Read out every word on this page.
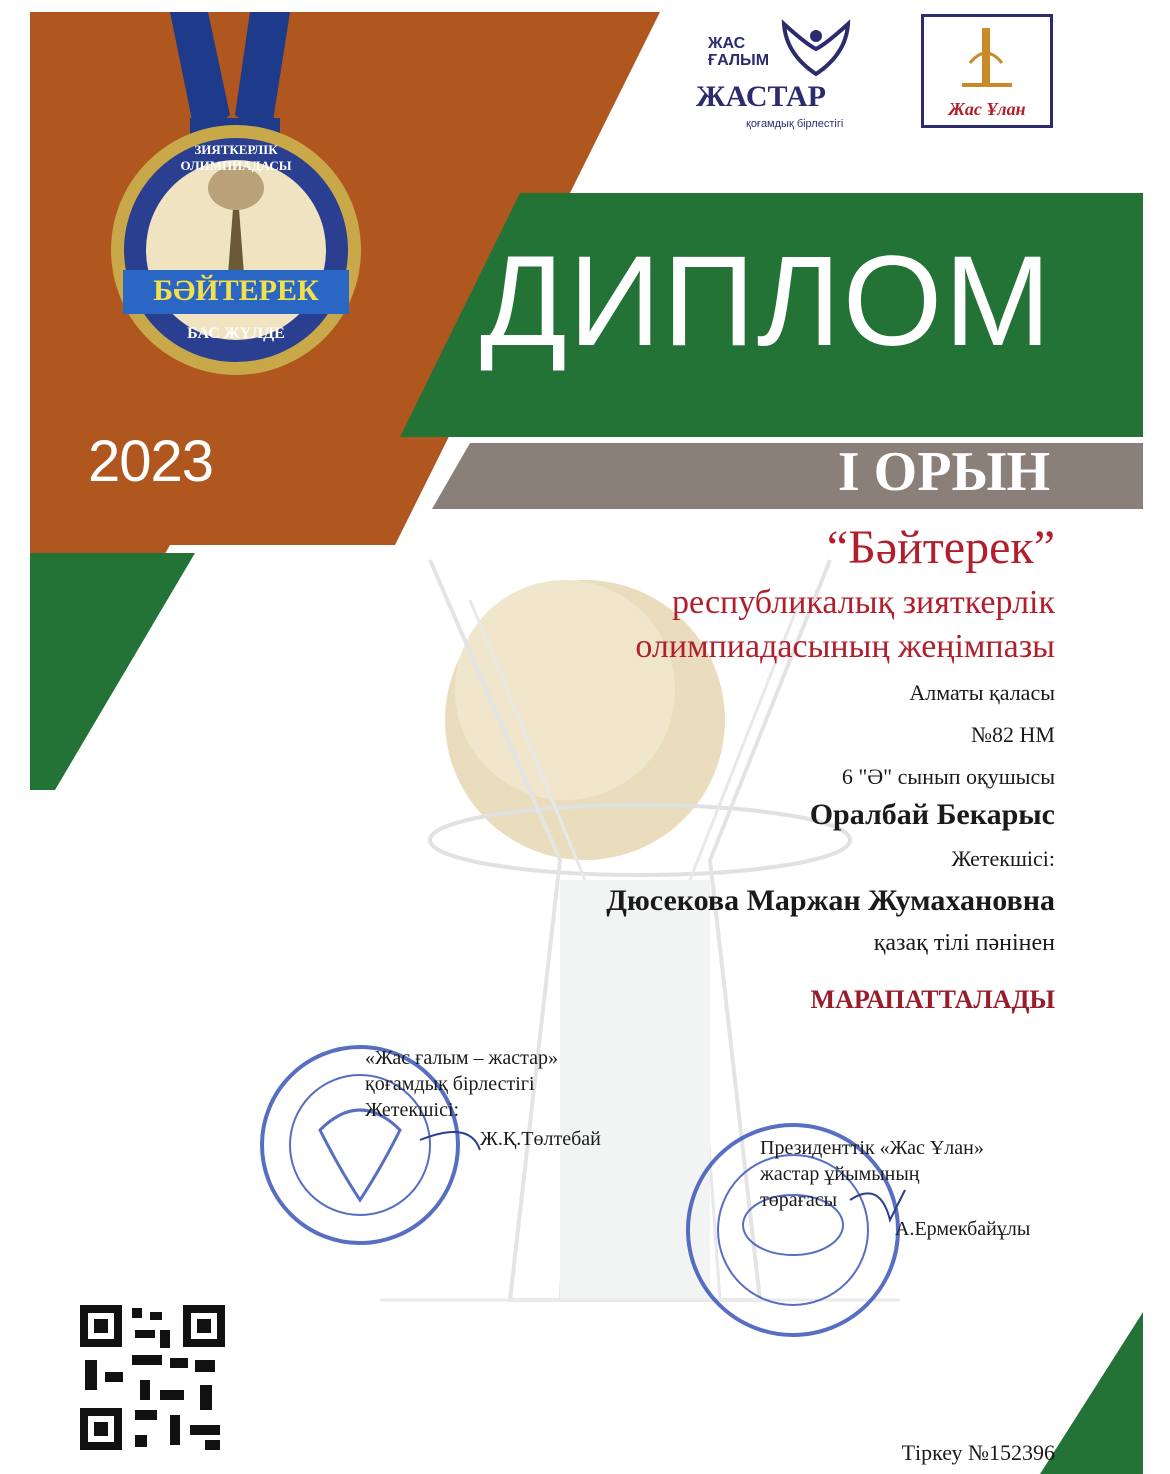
ЖАС
ҒАЛЫМ
ЖАСТАР
қоғамдық бірлестігі
Жас Ұлан
БӘЙТЕРЕК
ЗИЯТКЕРЛІК ОЛИМПИАДАСЫ
БАС ЖҮЛДЕ
2023
ДИПЛОМ
І ОРЫН
“Бәйтерек”
республикалық зияткерлік
олимпиадасының жеңімпазы
Алматы қаласы
№82 НМ
6 "Ә" сынып оқушысы
Оралбай Бекарыс
Жетекшісі:
Дюсекова Маржан Жумахановна
қазақ тілі пәнінен
МАРАПАТТАЛАДЫ
«Жас ғалым – жастар»
қоғамдық бірлестігі
Жетекшісі:
Ж.Қ.Төлтебай	Президенттік «Жас Ұлан»
жастар ұйымының
төрағасы
А.Ермекбайұлы
Тіркеу №152396
